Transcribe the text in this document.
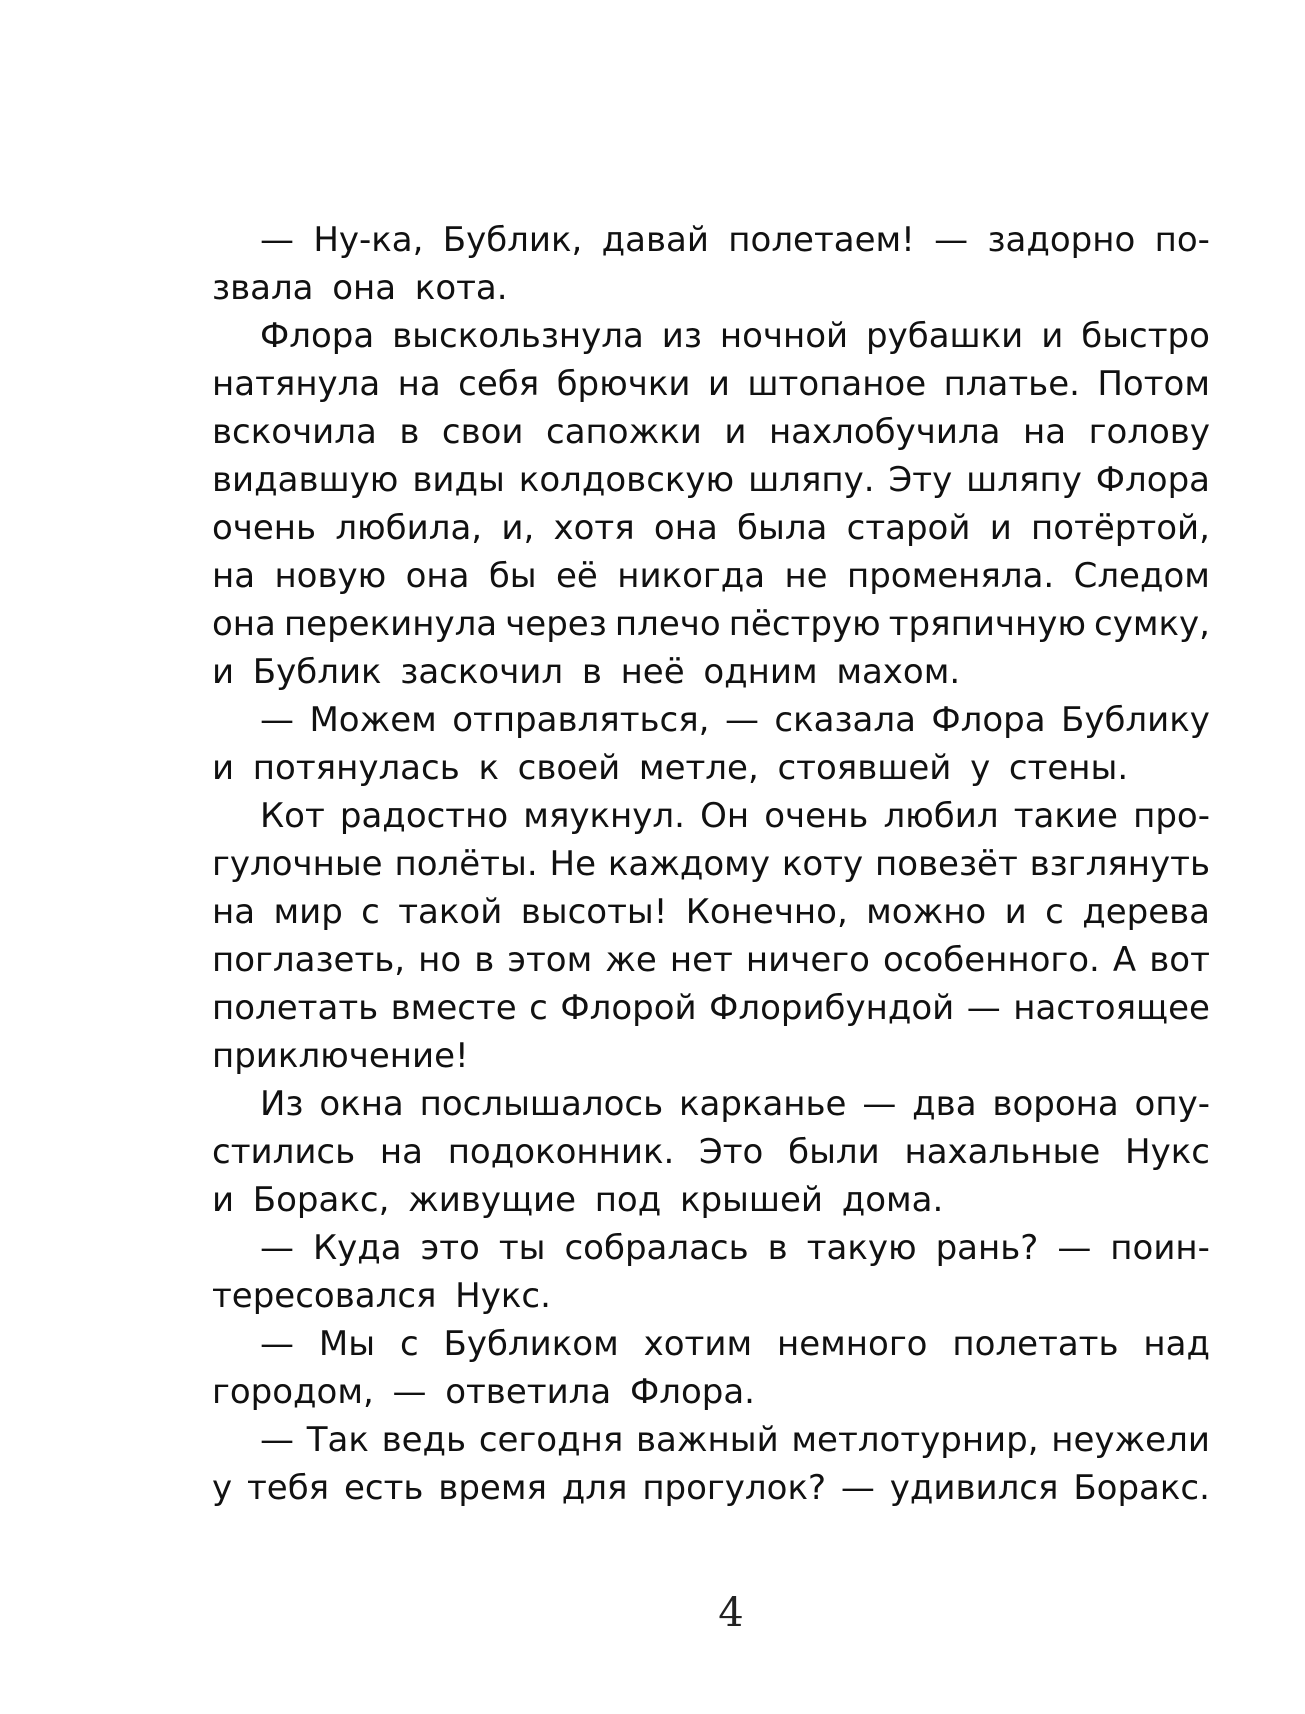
— Ну-ка, Бублик, давай полетаем! — задорно по-
звала она кота.
Флора выскользнула из ночной рубашки и быстро
натянула на себя брючки и штопаное платье. Потом
вскочила в свои сапожки и нахлобучила на голову
видавшую виды колдовскую шляпу. Эту шляпу Флора
очень любила, и, хотя она была старой и потёртой,
на новую она бы её никогда не променяла. Следом
она перекинула через плечо пёструю тряпичную сумку,
и Бублик заскочил в неё одним махом.
— Можем отправляться, — сказала Флора Бублику
и потянулась к своей метле, стоявшей у стены.
Кот радостно мяукнул. Он очень любил такие про-
гулочные полёты. Не каждому коту повезёт взглянуть
на мир с такой высоты! Конечно, можно и с дерева
поглазеть, но в этом же нет ничего особенного. А вот
полетать вместе с Флорой Флорибундой — настоящее
приключение!
Из окна послышалось карканье — два ворона опу-
стились на подоконник. Это были нахальные Нукс
и Боракс, живущие под крышей дома.
— Куда это ты собралась в такую рань? — поин-
тересовался Нукс.
— Мы с Бубликом хотим немного полетать над
городом, — ответила Флора.
— Так ведь сегодня важный метлотурнир, неужели
у тебя есть время для прогулок? — удивился Боракс.
4
